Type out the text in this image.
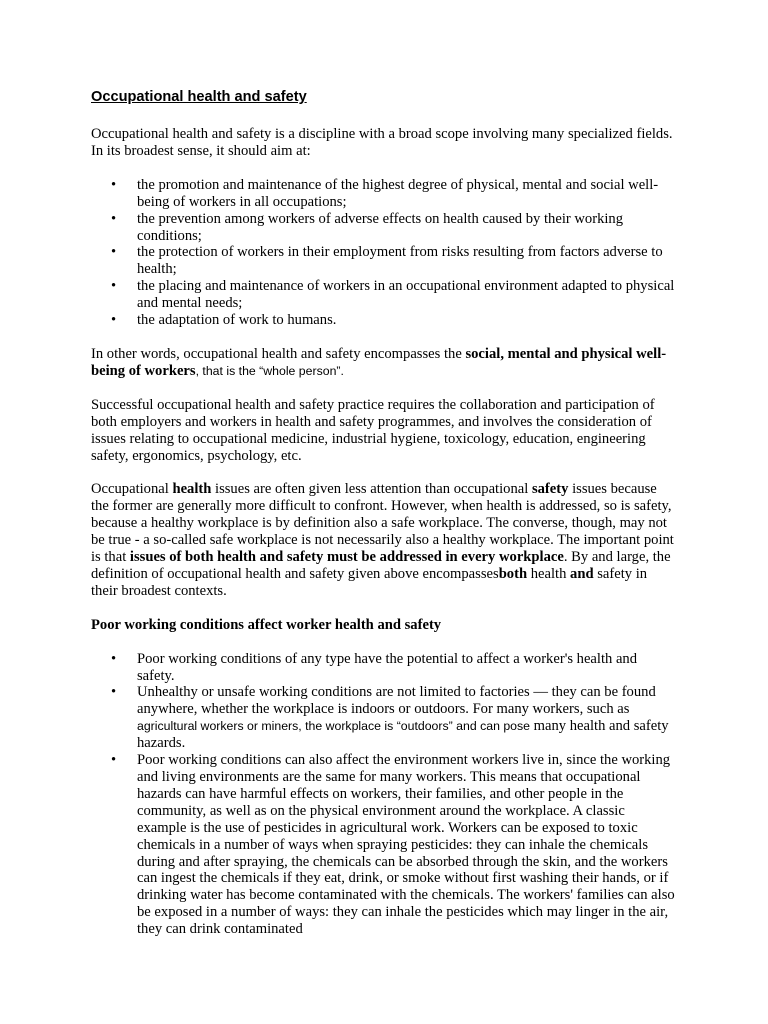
Occupational health and safety

Occupational health and safety is a discipline with a broad scope involving many specialized fields. In its broadest sense, it should aim at:

• the promotion and maintenance of the highest degree of physical, mental and social well-being of workers in all occupations;
• the prevention among workers of adverse effects on health caused by their working conditions;
• the protection of workers in their employment from risks resulting from factors adverse to health;
• the placing and maintenance of workers in an occupational environment adapted to physical and mental needs;
• the adaptation of work to humans.

In other words, occupational health and safety encompasses the social, mental and physical well-being of workers, that is the “whole person”.

Successful occupational health and safety practice requires the collaboration and participation of both employers and workers in health and safety programmes, and involves the consideration of issues relating to occupational medicine, industrial hygiene, toxicology, education, engineering safety, ergonomics, psychology, etc.

Occupational health issues are often given less attention than occupational safety issues because the former are generally more difficult to confront. However, when health is addressed, so is safety, because a healthy workplace is by definition also a safe workplace. The converse, though, may not be true - a so-called safe workplace is not necessarily also a healthy workplace. The important point is that issues of both health and safety must be addressed in every workplace. By and large, the definition of occupational health and safety given above encompassesboth health and safety in their broadest contexts.

Poor working conditions affect worker health and safety
• Poor working conditions of any type have the potential to affect a worker's health and safety.
• Unhealthy or unsafe working conditions are not limited to factories — they can be found anywhere, whether the workplace is indoors or outdoors. For many workers, such as agricultural workers or miners, the workplace is “outdoors” and can pose many health and safety hazards.
• Poor working conditions can also affect the environment workers live in, since the working and living environments are the same for many workers. This means that occupational hazards can have harmful effects on workers, their families, and other people in the community, as well as on the physical environment around the workplace. A classic example is the use of pesticides in agricultural work. Workers can be exposed to toxic chemicals in a number of ways when spraying pesticides: they can inhale the chemicals during and after spraying, the chemicals can be absorbed through the skin, and the workers can ingest the chemicals if they eat, drink, or smoke without first washing their hands, or if drinking water has become contaminated with the chemicals. The workers' families can also be exposed in a number of ways: they can inhale the pesticides which may linger in the air, they can drink contaminated
